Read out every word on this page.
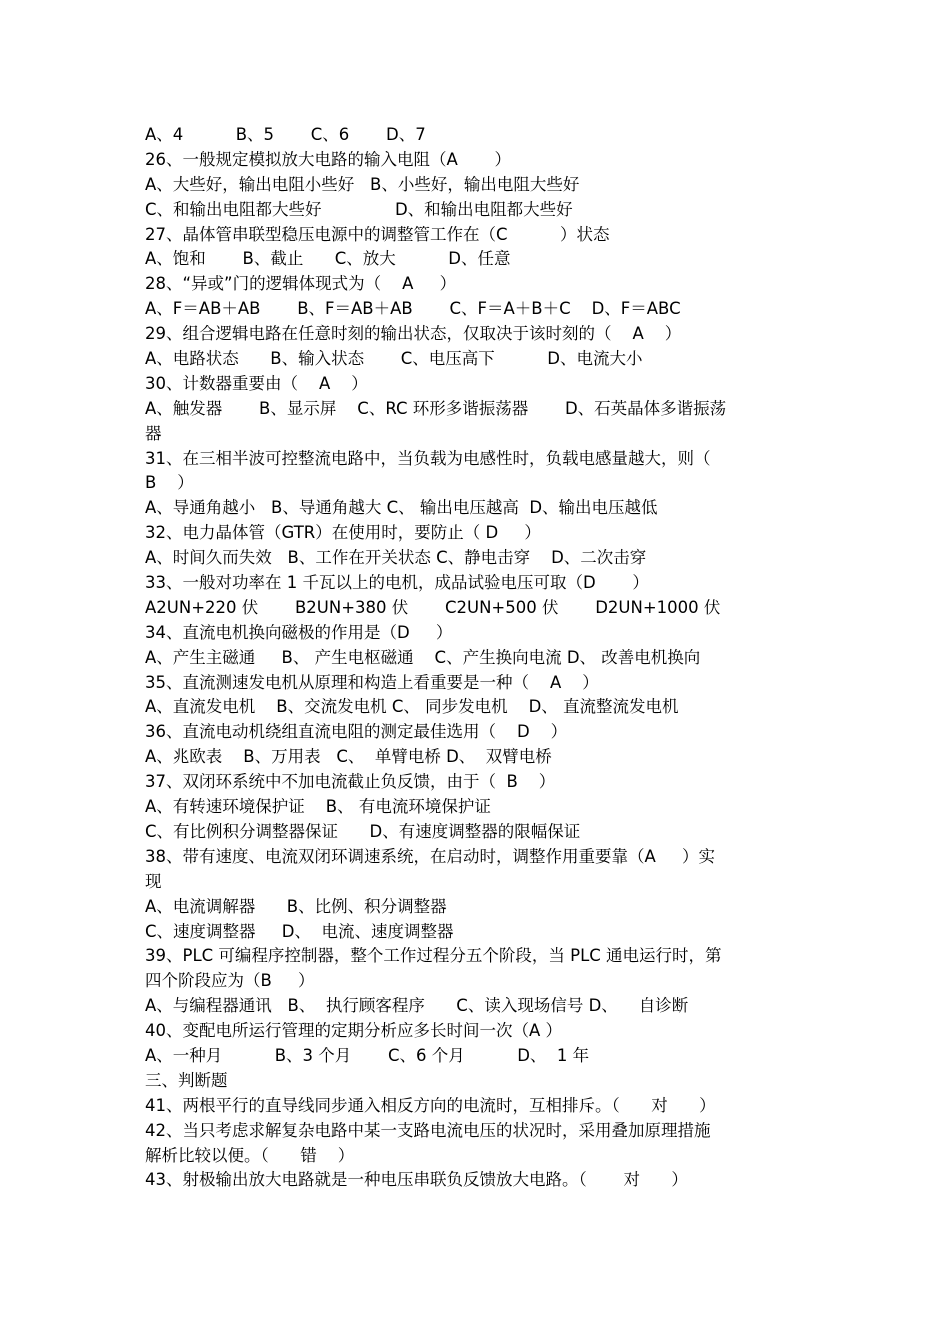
A、4          B、5       C、6       D、7
26、一般规定模拟放大电路的输入电阻（A       ）
A、大些好，输出电阻小些好   B、小些好，输出电阻大些好
C、和输出电阻都大些好              D、和输出电阻都大些好
27、晶体管串联型稳压电源中的调整管工作在（C          ）状态
A、饱和       B、截止      C、放大          D、任意
28、“异或”门的逻辑体现式为（    A     ）
A、F＝AB＋AB       B、F＝AB＋AB       C、F＝A＋B＋C    D、F＝ABC
29、组合逻辑电路在任意时刻的输出状态，仅取决于该时刻的（    A    ）
A、电路状态      B、输入状态       C、电压高下          D、电流大小
30、计数器重要由（    A    ）
A、触发器       B、显示屏    C、RC 环形多谐振荡器       D、石英晶体多谐振荡
器
31、在三相半波可控整流电路中，当负载为电感性时，负载电感量越大，则（
B    ）
A、导通角越小   B、导通角越大 C、 输出电压越高  D、输出电压越低
32、电力晶体管（GTR）在使用时，要防止（ D     ）
A、时间久而失效   B、工作在开关状态 C、静电击穿    D、二次击穿
33、一般对功率在 1 千瓦以上的电机，成品试验电压可取（D       ）
A2UN+220 伏       B2UN+380 伏       C2UN+500 伏       D2UN+1000 伏
34、直流电机换向磁极的作用是（D     ）
A、产生主磁通     B、 产生电枢磁通    C、产生换向电流 D、 改善电机换向
35、直流测速发电机从原理和构造上看重要是一种（    A    ）
A、直流发电机    B、交流发电机 C、 同步发电机    D、 直流整流发电机
36、直流电动机绕组直流电阻的测定最佳选用（    D    ）
A、兆欧表    B、万用表   C、  单臂电桥 D、  双臂电桥
37、双闭环系统中不加电流截止负反馈，由于（  B    ）
A、有转速环境保护证    B、 有电流环境保护证
C、有比例积分调整器保证      D、有速度调整器的限幅保证
38、带有速度、电流双闭环调速系统，在启动时，调整作用重要靠（A     ）实
现
A、电流调解器      B、比例、积分调整器
C、速度调整器     D、  电流、速度调整器
39、PLC 可编程序控制器，整个工作过程分五个阶段，当 PLC 通电运行时，第
四个阶段应为（B     ）
A、与编程器通讯   B、  执行顾客程序      C、读入现场信号 D、    自诊断
40、变配电所运行管理的定期分析应多长时间一次（A ）
A、一种月          B、3 个月       C、6 个月          D、  1 年
三、判断题
41、两根平行的直导线同步通入相反方向的电流时，互相排斥。（      对      ）
42、当只考虑求解复杂电路中某一支路电流电压的状况时，采用叠加原理措施
解析比较以便。（      错    ）
43、射极输出放大电路就是一种电压串联负反馈放大电路。（       对      ）
